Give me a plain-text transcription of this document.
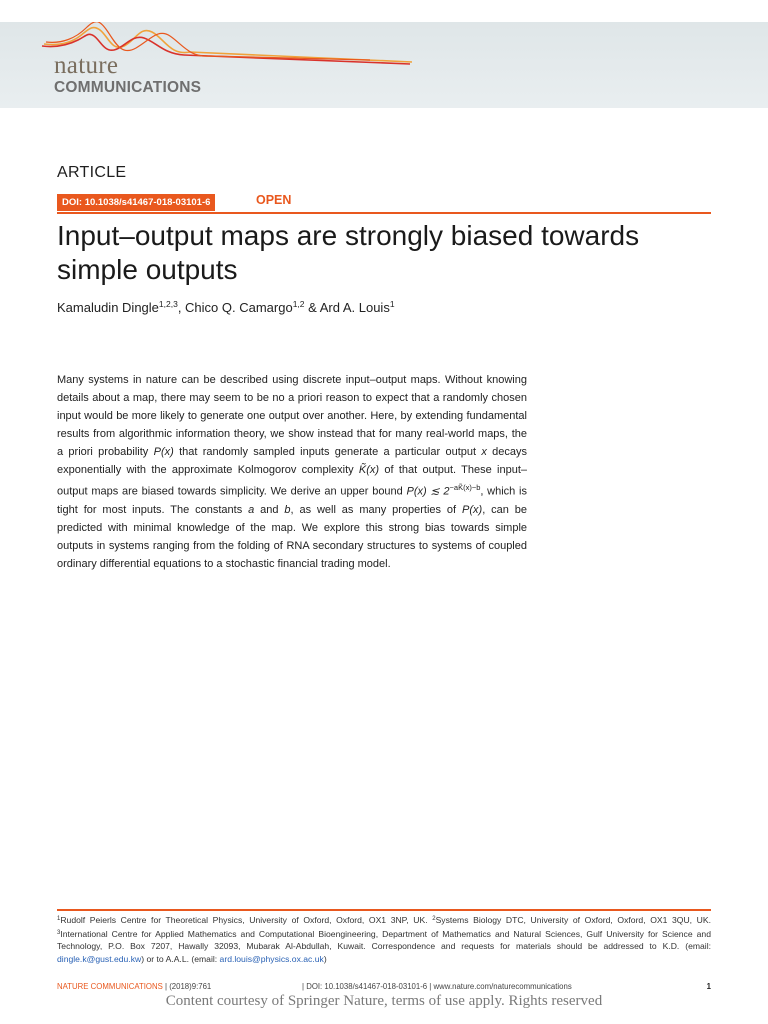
nature
COMMUNICATIONS
ARTICLE
DOI: 10.1038/s41467-018-03101-6	OPEN
Input–output maps are strongly biased towards simple outputs
Kamaludin Dingle$^{1,2,3}$, Chico Q. Camargo$^{1,2}$ & Ard A. Louis$^1$

Many systems in nature can be described using discrete input–output maps. Without knowing details about a map, there may seem to be no a priori reason to expect that a randomly chosen input would be more likely to generate one output over another. Here, by extending fundamental results from algorithmic information theory, we show instead that for many real-world maps, the a priori probability P(x) that randomly sampled inputs generate a particular output x decays exponentially with the approximate Kolmogorov complexity K̃(x) of that output. These input–output maps are biased towards simplicity. We derive an upper bound P(x) ≲ $2^{-aK̃(x)-b}$, which is tight for most inputs. The constants a and b, as well as many properties of P(x), can be predicted with minimal knowledge of the map. We explore this strong bias towards simple outputs in systems ranging from the folding of RNA secondary structures to systems of coupled ordinary differential equations to a stochastic financial trading model.

$^1$Rudolf Peierls Centre for Theoretical Physics, University of Oxford, Oxford, OX1 3NP, UK. $^2$Systems Biology DTC, University of Oxford, Oxford, OX1 3QU, UK. $^3$International Centre for Applied Mathematics and Computational Bioengineering, Department of Mathematics and Natural Sciences, Gulf University for Science and Technology, P.O. Box 7207, Hawally 32093, Mubarak Al-Abdullah, Kuwait. Correspondence and requests for materials should be addressed to K.D. (email: dingle.k@gust.edu.kw) or to A.A.L. (email: ard.louis@physics.ox.ac.uk)

NATURE COMMUNICATIONS | (2018)9:761	| DOI: 10.1038/s41467-018-03101-6 | www.nature.com/naturecommunications	1
Content courtesy of Springer Nature, terms of use apply. Rights reserved
